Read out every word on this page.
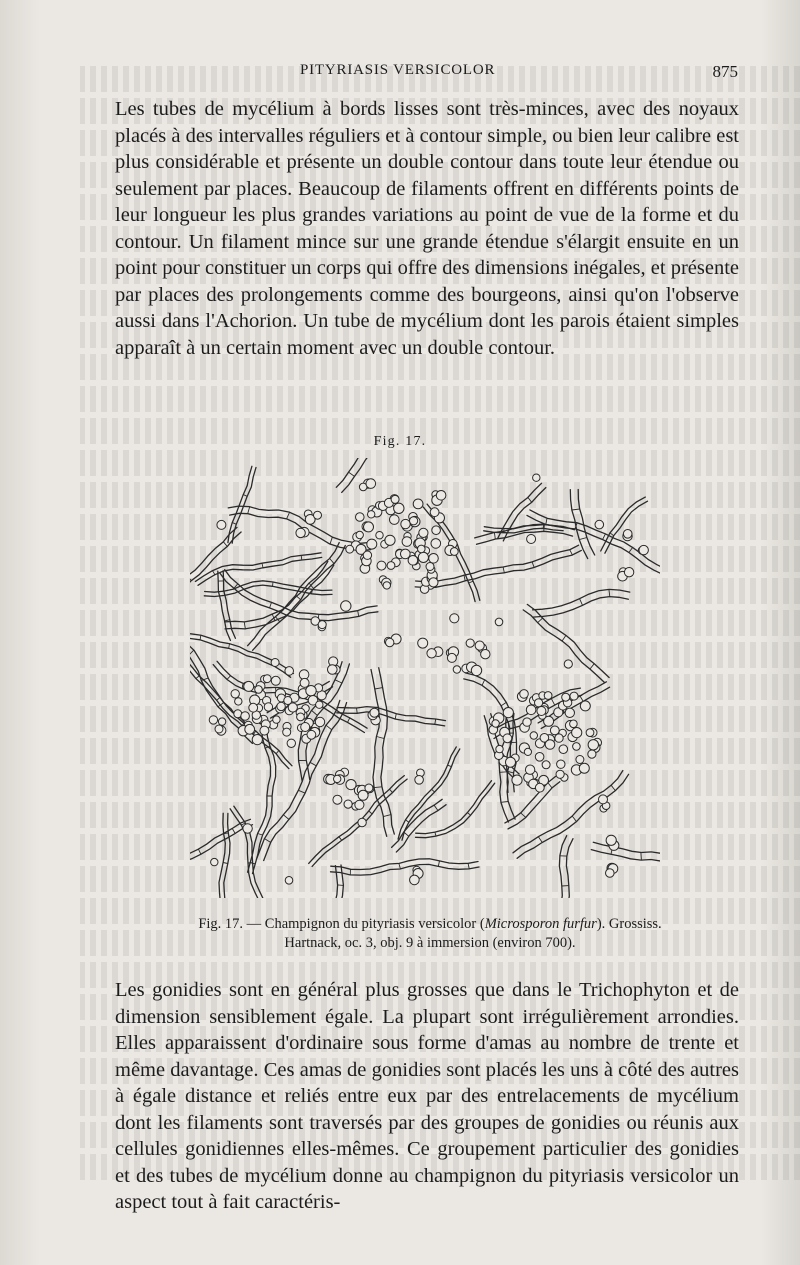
PITYRIASIS VERSICOLOR	875

Les tubes de mycélium à bords lisses sont très-minces, avec des noyaux placés à des intervalles réguliers et à contour simple, ou bien leur calibre est plus considérable et présente un double contour dans toute leur étendue ou seulement par places. Beaucoup de filaments offrent en différents points de leur longueur les plus grandes variations au point de vue de la forme et du contour. Un filament mince sur une grande étendue s'élargit ensuite en un point pour constituer un corps qui offre des dimensions inégales, et présente par places des prolongements comme des bourgeons, ainsi qu'on l'observe aussi dans l'Achorion. Un tube de mycélium dont les parois étaient simples apparaît à un certain moment avec un double contour.

Fig. 17.
Fig. 17. — Champignon du pityriasis versicolor (Microsporon furfur). Grossiss.
Hartnack, oc. 3, obj. 9 à immersion (environ 700).

Les gonidies sont en général plus grosses que dans le Trichophyton et de dimension sensiblement égale. La plupart sont irrégulièrement arrondies. Elles apparaissent d'ordinaire sous forme d'amas au nombre de trente et même davantage. Ces amas de gonidies sont placés les uns à côté des autres à égale distance et reliés entre eux par des entrelacements de mycélium dont les filaments sont traversés par des groupes de gonidies ou réunis aux cellules gonidiennes elles-mêmes. Ce groupement particulier des gonidies et des tubes de mycélium donne au champignon du pityriasis versicolor un aspect tout à fait caractéris-
